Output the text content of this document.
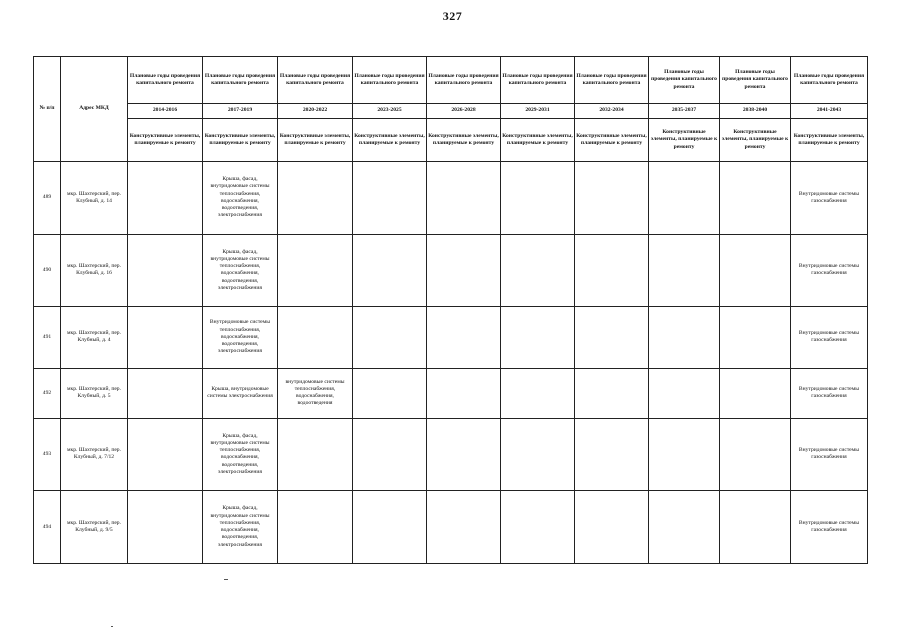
327
№ п/п	Адрес МКД	Плановые годы проведения капитального ремонта	Плановые годы проведения капитального ремонта	Плановые годы проведения капитального ремонта	Плановые годы проведения капитального ремонта	Плановые годы проведения капитального ремонта	Плановые годы проведения капитального ремонта	Плановые годы проведения капитального ремонта	Плановые годы проведения капитального ремонта	Плановые годы проведения капитального ремонта	Плановые годы проведения капитального ремонта
		2014-2016	2017-2019	2020-2022	2023-2025	2026-2028	2029-2031	2032-2034	2035-2037	2038-2040	2041-2043
		Конструктивные элементы, планируемые к ремонту	Конструктивные элементы, планируемые к ремонту	Конструктивные элементы, планируемые к ремонту	Конструктивные элементы, планируемые к ремонту	Конструктивные элементы, планируемые к ремонту	Конструктивные элементы, планируемые к ремонту	Конструктивные элементы, планируемые к ремонту	Конструктивные элементы, планируемые к ремонту	Конструктивные элементы, планируемые к ремонту	Конструктивные элементы, планируемые к ремонту
489	мкр. Шахтерский, пер. Клубный, д. 14		Крыша, фасад, внутридомовые системы теплоснабжения, водоснабжения, водоотведения, электроснабжения								Внутридомовые системы газоснабжения
490	мкр. Шахтерский, пер. Клубный, д. 16		Крыша, фасад, внутридомовые системы теплоснабжения, водоснабжения, водоотведения, электроснабжения								Внутридомовые системы газоснабжения
491	мкр. Шахтерский, пер. Клубный, д. 4		Внутридомовые системы теплоснабжения, водоснабжения, водоотведения, электроснабжения								Внутридомовые системы газоснабжения
492	мкр. Шахтерский, пер. Клубный, д. 5		Крыша, внутридомовые системы электроснабжения	внутридомовые системы теплоснабжения, водоснабжения, водоотведения							Внутридомовые системы газоснабжения
493	мкр. Шахтерский, пер. Клубный, д. 7/12		Крыша, фасад, внутридомовые системы теплоснабжения, водоснабжения, водоотведения, электроснабжения								Внутридомовые системы газоснабжения
494	мкр. Шахтерский, пер. Клубный, д. 9/5		Крыша, фасад, внутридомовые системы теплоснабжения, водоснабжения, водоотведения, электроснабжения								Внутридомовые системы газоснабжения
